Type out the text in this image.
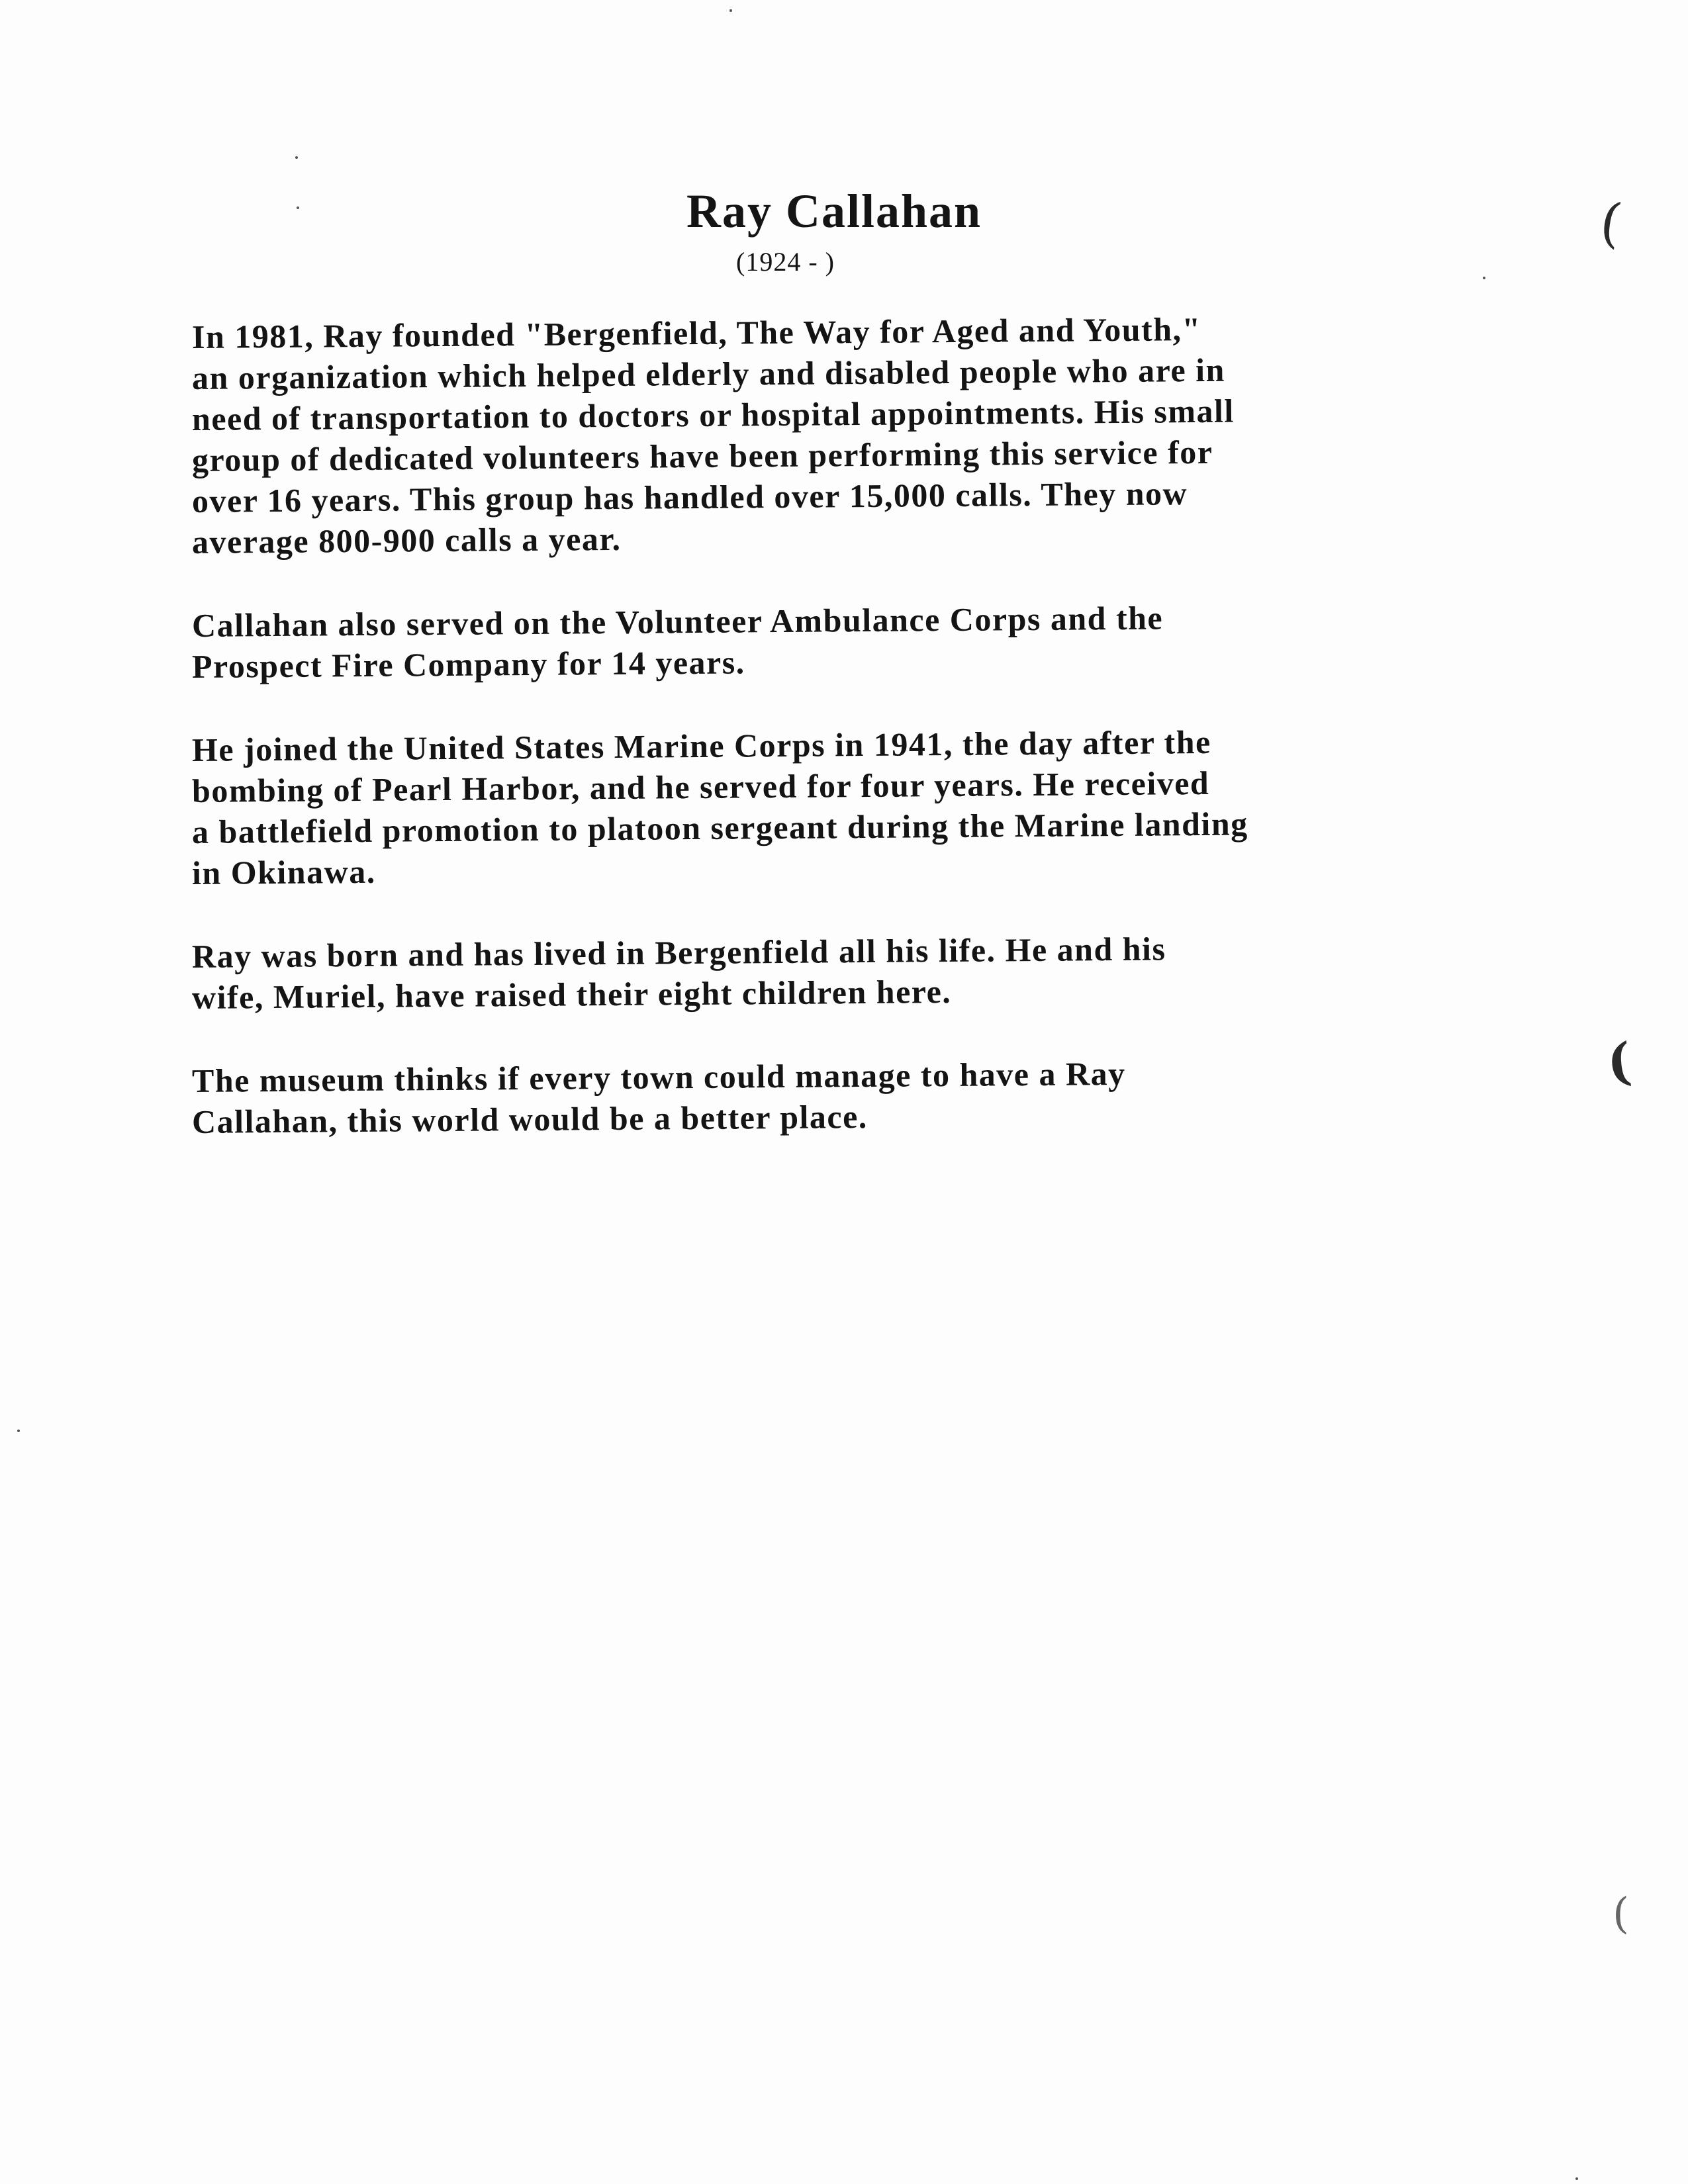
Ray Callahan
(1924 - )
In 1981, Ray founded "Bergenfield, The Way for Aged and Youth,"
an organization which helped elderly and disabled people who are in
need of transportation to doctors or hospital appointments. His small
group of dedicated volunteers have been performing this service for
over 16 years. This group has handled over 15,000 calls. They now
average 800-900 calls a year.
Callahan also served on the Volunteer Ambulance Corps and the
Prospect Fire Company for 14 years.
He joined the United States Marine Corps in 1941, the day after the
bombing of Pearl Harbor, and he served for four years. He received
a battlefield promotion to platoon sergeant during the Marine landing
in Okinawa.
Ray was born and has lived in Bergenfield all his life. He and his
wife, Muriel, have raised their eight children here.
The museum thinks if every town could manage to have a Ray
Callahan, this world would be a better place.
(
(
(
